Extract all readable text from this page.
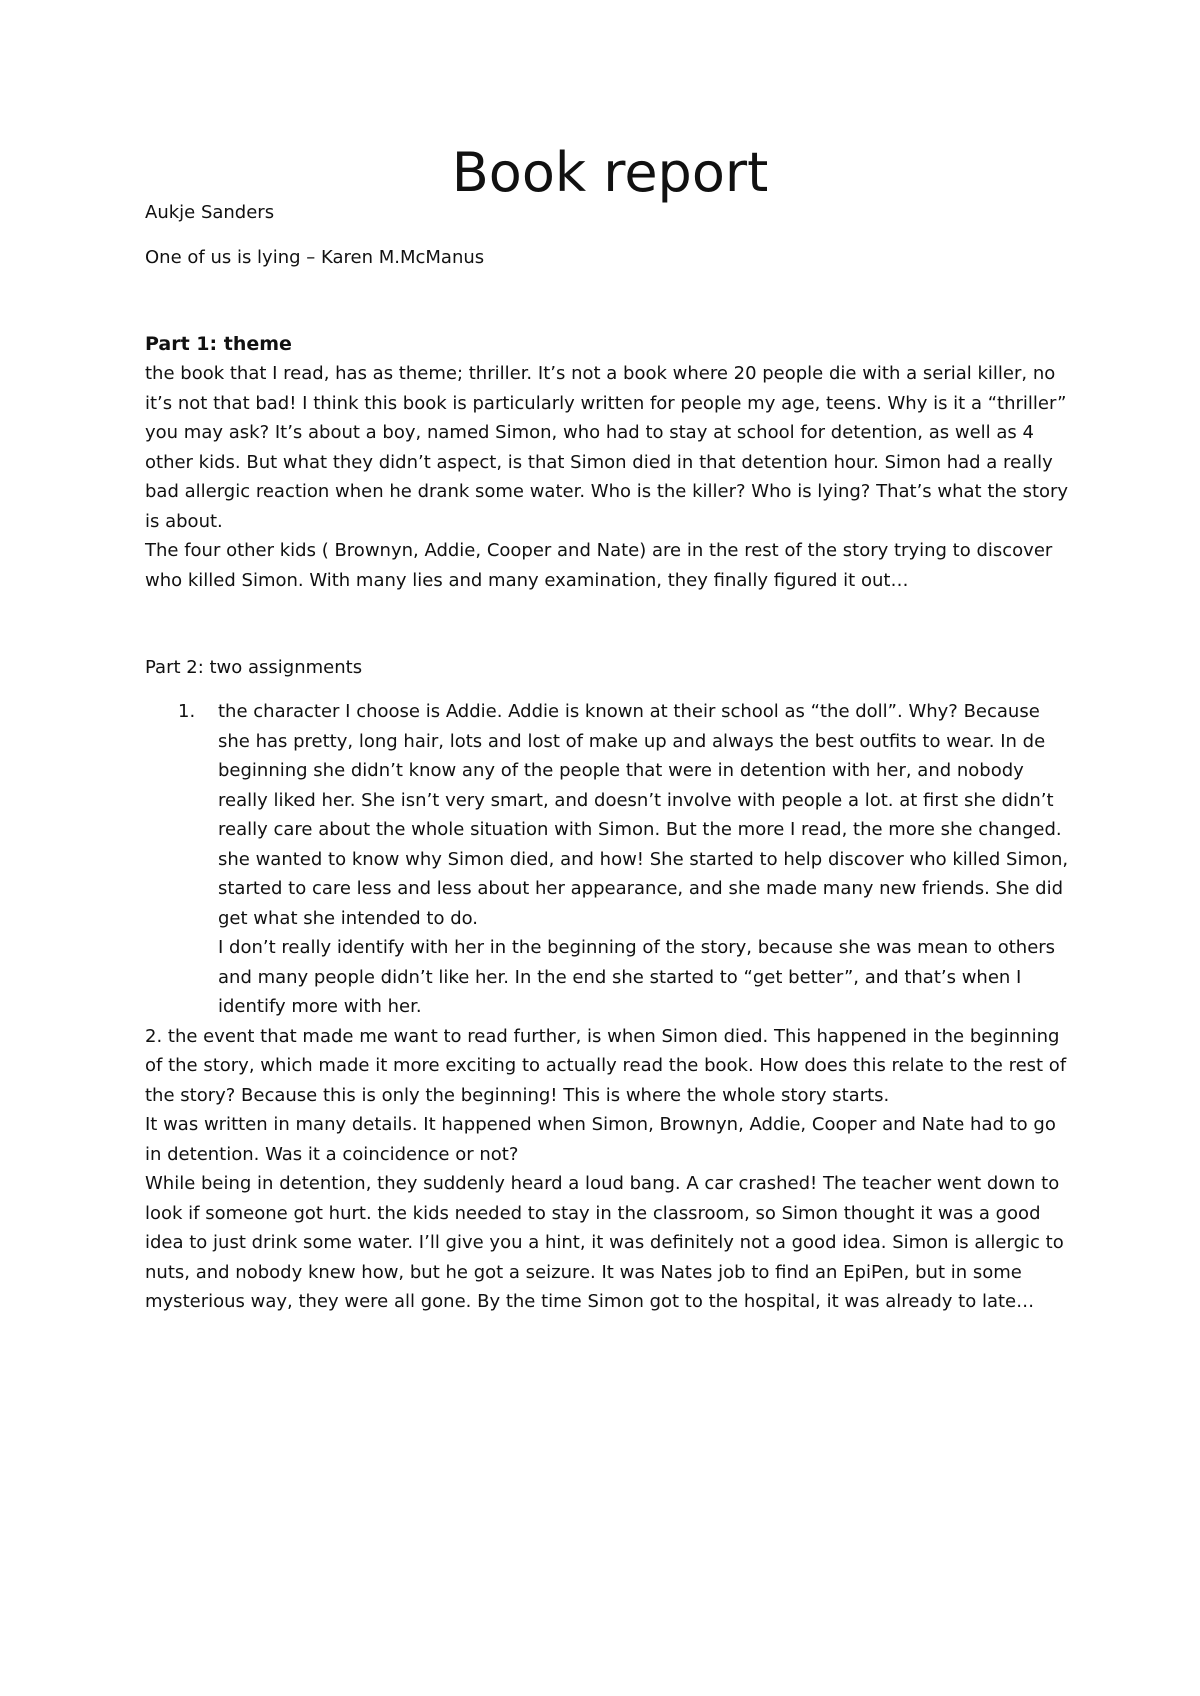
Book report
Aukje Sanders
One of us is lying – Karen M.McManus
Part 1: theme

the book that I read, has as theme; thriller. It’s not a book where 20 people die with a serial killer, no it’s not that bad! I think this book is particularly written for people my age, teens. Why is it a “thriller” you may ask? It’s about a boy, named Simon, who had to stay at school for detention, as well as 4 other kids. But what they didn’t aspect, is that Simon died in that detention hour. Simon had a really bad allergic reaction when he drank some water. Who is the killer? Who is lying? That’s what the story is about.

The four other kids ( Brownyn, Addie, Cooper and Nate) are in the rest of the story trying to discover who killed Simon. With many lies and many examination, they finally figured it out…

Part 2: two assignments
1. the character I choose is Addie. Addie is known at their school as “the doll”. Why? Because she has pretty, long hair, lots and lost of make up and always the best outfits to wear. In de beginning she didn’t know any of the people that were in detention with her, and nobody really liked her. She isn’t very smart, and doesn’t involve with people a lot. at first she didn’t really care about the whole situation with Simon. But the more I read, the more she changed. she wanted to know why Simon died, and how! She started to help discover who killed Simon, started to care less and less about her appearance, and she made many new friends. She did get what she intended to do.

I don’t really identify with her in the beginning of the story, because she was mean to others and many people didn’t like her. In the end she started to “get better”, and that’s when I identify more with her.

2. the event that made me want to read further, is when Simon died. This happened in the beginning of the story, which made it more exciting to actually read the book. How does this relate to the rest of the story? Because this is only the beginning! This is where the whole story starts.

It was written in many details. It happened when Simon, Brownyn, Addie, Cooper and Nate had to go in detention. Was it a coincidence or not?

While being in detention, they suddenly heard a loud bang. A car crashed! The teacher went down to look if someone got hurt. the kids needed to stay in the classroom, so Simon thought it was a good idea to just drink some water. I’ll give you a hint, it was definitely not a good idea. Simon is allergic to nuts, and nobody knew how, but he got a seizure. It was Nates job to find an EpiPen, but in some mysterious way, they were all gone. By the time Simon got to the hospital, it was already to late…
